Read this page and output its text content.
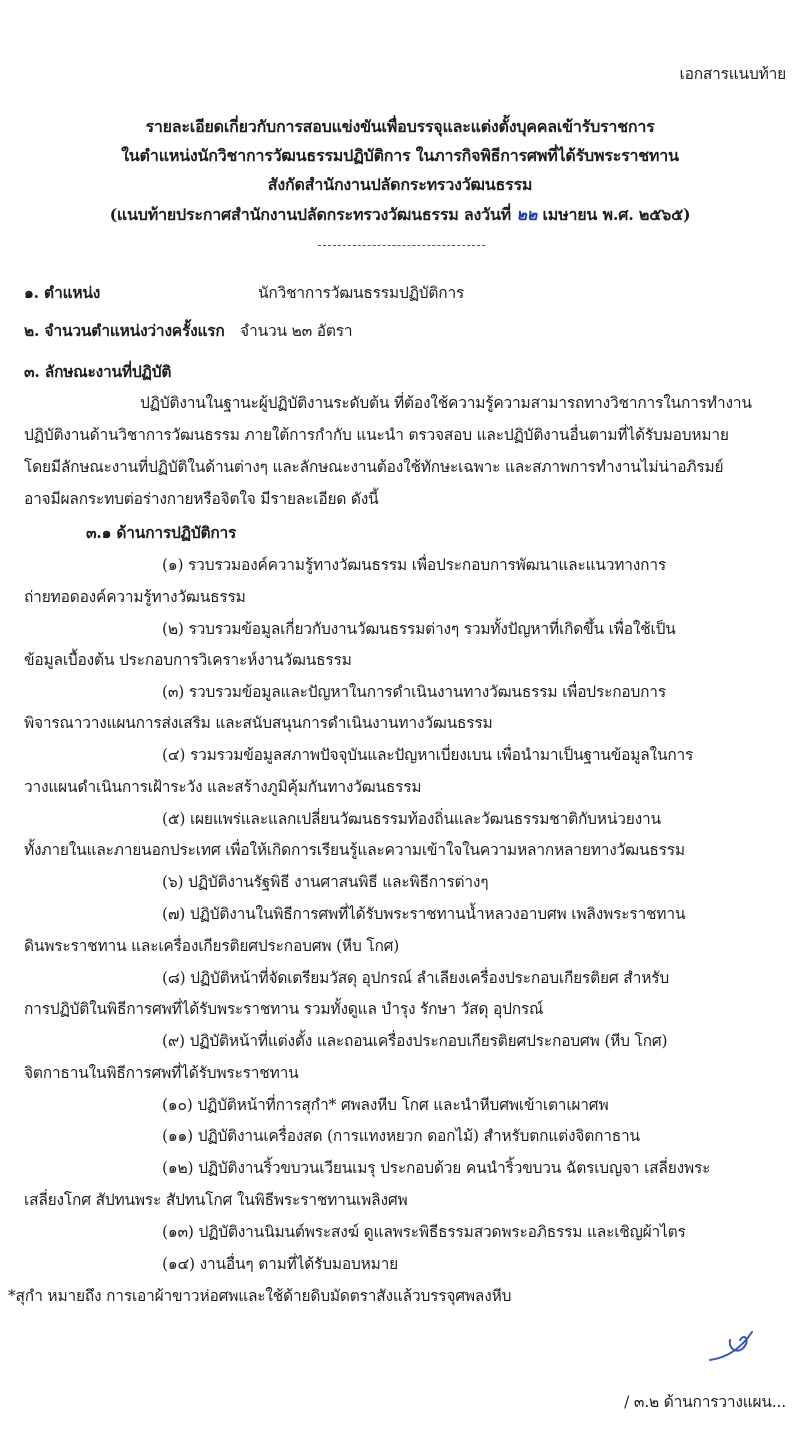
เอกสารแนบท้าย
รายละเอียดเกี่ยวกับการสอบแข่งขันเพื่อบรรจุและแต่งตั้งบุคคลเข้ารับราชการ
ในตำแหน่งนักวิชาการวัฒนธรรมปฏิบัติการ ในภารกิจพิธีการศพที่ได้รับพระราชทาน
สังกัดสำนักงานปลัดกระทรวงวัฒนธรรม
(แนบท้ายประกาศสำนักงานปลัดกระทรวงวัฒนธรรม ลงวันที่ ๒๒ เมษายน พ.ศ. ๒๕๖๕)
๑. ตำแหน่ง	นักวิชาการวัฒนธรรมปฏิบัติการ
๒. จำนวนตำแหน่งว่างครั้งแรก จำนวน ๒๓ อัตรา
๓. ลักษณะงานที่ปฏิบัติ
ปฏิบัติงานในฐานะผู้ปฏิบัติงานระดับต้น ที่ต้องใช้ความรู้ความสามารถทางวิชาการในการทำงาน
ปฏิบัติงานด้านวิชาการวัฒนธรรม ภายใต้การกำกับ แนะนำ ตรวจสอบ และปฏิบัติงานอื่นตามที่ได้รับมอบหมาย
โดยมีลักษณะงานที่ปฏิบัติในด้านต่างๆ และลักษณะงานต้องใช้ทักษะเฉพาะ และสภาพการทำงานไม่น่าอภิรมย์
อาจมีผลกระทบต่อร่างกายหรือจิตใจ มีรายละเอียด ดังนี้
๓.๑ ด้านการปฏิบัติการ
(๑) รวบรวมองค์ความรู้ทางวัฒนธรรม เพื่อประกอบการพัฒนาและแนวทางการ
ถ่ายทอดองค์ความรู้ทางวัฒนธรรม
(๒) รวบรวมข้อมูลเกี่ยวกับงานวัฒนธรรมต่างๆ รวมทั้งปัญหาที่เกิดขึ้น เพื่อใช้เป็น
ข้อมูลเบื้องต้น ประกอบการวิเคราะห์งานวัฒนธรรม
(๓) รวบรวมข้อมูลและปัญหาในการดำเนินงานทางวัฒนธรรม เพื่อประกอบการ
พิจารณาวางแผนการส่งเสริม และสนับสนุนการดำเนินงานทางวัฒนธรรม
(๔) รวมรวมข้อมูลสภาพปัจจุบันและปัญหาเบี่ยงเบน เพื่อนำมาเป็นฐานข้อมูลในการ
วางแผนดำเนินการเฝ้าระวัง และสร้างภูมิคุ้มกันทางวัฒนธรรม
(๕) เผยแพร่และแลกเปลี่ยนวัฒนธรรมท้องถิ่นและวัฒนธรรมชาติกับหน่วยงาน
ทั้งภายในและภายนอกประเทศ เพื่อให้เกิดการเรียนรู้และความเข้าใจในความหลากหลายทางวัฒนธรรม
(๖) ปฏิบัติงานรัฐพิธี งานศาสนพิธี และพิธีการต่างๆ
(๗) ปฏิบัติงานในพิธีการศพที่ได้รับพระราชทานน้ำหลวงอาบศพ เพลิงพระราชทาน
ดินพระราชทาน และเครื่องเกียรติยศประกอบศพ (หีบ โกศ)
(๘) ปฏิบัติหน้าที่จัดเตรียมวัสดุ อุปกรณ์ ลำเลียงเครื่องประกอบเกียรติยศ สำหรับ
การปฏิบัติในพิธีการศพที่ได้รับพระราชทาน รวมทั้งดูแล บำรุง รักษา วัสดุ อุปกรณ์
(๙) ปฏิบัติหน้าที่แต่งตั้ง และถอนเครื่องประกอบเกียรติยศประกอบศพ (หีบ โกศ)
จิตกาธานในพิธีการศพที่ได้รับพระราชทาน
(๑๐) ปฏิบัติหน้าที่การสุกำ* ศพลงหีบ โกศ และนำหีบศพเข้าเตาเผาศพ
(๑๑) ปฏิบัติงานเครื่องสด (การแทงหยวก ดอกไม้) สำหรับตกแต่งจิตกาธาน
(๑๒) ปฏิบัติงานริ้วขบวนเวียนเมรุ ประกอบด้วย คนนำริ้วขบวน ฉัตรเบญจา เสลี่ยงพระ
เสลี่ยงโกศ สัปทนพระ สัปทนโกศ ในพิธีพระราชทานเพลิงศพ
(๑๓) ปฏิบัติงานนิมนต์พระสงฆ์ ดูแลพระพิธีธรรมสวดพระอภิธรรม และเชิญผ้าไตร
(๑๔) งานอื่นๆ ตามที่ได้รับมอบหมาย
*สุกำ หมายถึง การเอาผ้าขาวห่อศพและใช้ด้ายดิบมัดตราสังแล้วบรรจุศพลงหีบ
/ ๓.๒ ด้านการวางแผน...
